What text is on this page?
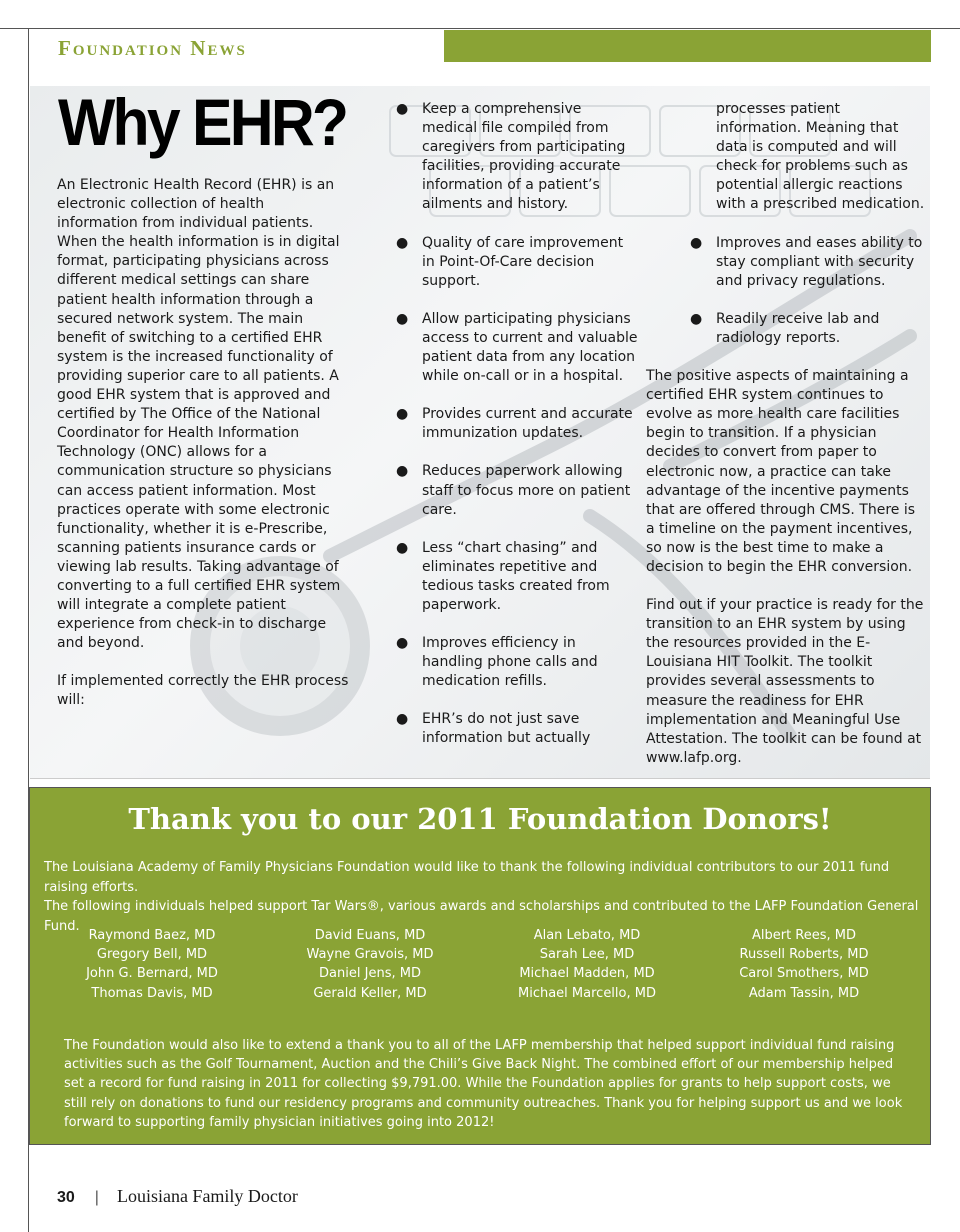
Foundation News
Why EHR?

An Electronic Health Record (EHR) is an electronic collection of health information from individual patients. When the health information is in digital format, participating physicians across different medical settings can share patient health information through a secured network system. The main benefit of switching to a certified EHR system is the increased functionality of providing superior care to all patients. A good EHR system that is approved and certified by The Office of the National Coordinator for Health Information Technology (ONC) allows for a communication structure so physicians can access patient information. Most practices operate with some electronic functionality, whether it is e-Prescribe, scanning patients insurance cards or viewing lab results. Taking advantage of converting to a full certified EHR system will integrate a complete patient experience from check-in to discharge and beyond.

If implemented correctly the EHR process will:

● Keep a comprehensive medical file compiled from caregivers from participating facilities, providing accurate information of a patient’s ailments and history.
● Quality of care improvement in Point-Of-Care decision support.
● Allow participating physicians access to current and valuable patient data from any location while on-call or in a hospital.
● Provides current and accurate immunization updates.
● Reduces paperwork allowing staff to focus more on patient care.
● Less “chart chasing” and eliminates repetitive and tedious tasks created from paperwork.
● Improves efficiency in handling phone calls and medication refills.
● EHR’s do not just save information but actually
processes patient information. Meaning that data is computed and will check for problems such as potential allergic reactions with a prescribed medication.
● Improves and eases ability to stay compliant with security and privacy regulations.
● Readily receive lab and radiology reports.

The positive aspects of maintaining a certified EHR system continues to evolve as more health care facilities begin to transition. If a physician decides to convert from paper to electronic now, a practice can take advantage of the incentive payments that are offered through CMS. There is a timeline on the payment incentives, so now is the best time to make a decision to begin the EHR conversion.

Find out if your practice is ready for the transition to an EHR system by using the resources provided in the E-Louisiana HIT Toolkit. The toolkit provides several assessments to measure the readiness for EHR implementation and Meaningful Use Attestation. The toolkit can be found at www.lafp.org.

Thank you to our 2011 Foundation Donors!
The Louisiana Academy of Family Physicians Foundation would like to thank the following individual contributors to our 2011 fund raising efforts.
The following individuals helped support Tar Wars®, various awards and scholarships and contributed to the LAFP Foundation General Fund.
Raymond Baez, MD
Gregory Bell, MD
John G. Bernard, MD
Thomas Davis, MD
David Euans, MD
Wayne Gravois, MD
Daniel Jens, MD
Gerald Keller, MD
Alan Lebato, MD
Sarah Lee, MD
Michael Madden, MD
Michael Marcello, MD
Albert Rees, MD
Russell Roberts, MD
Carol Smothers, MD
Adam Tassin, MD
The Foundation would also like to extend a thank you to all of the LAFP membership that helped support individual fund raising activities such as the Golf Tournament, Auction and the Chili’s Give Back Night. The combined effort of our membership helped set a record for fund raising in 2011 for collecting $9,791.00. While the Foundation applies for grants to help support costs, we still rely on donations to fund our residency programs and community outreaches. Thank you for helping support us and we look forward to supporting family physician initiatives going into 2012!
30 | Louisiana Family Doctor
